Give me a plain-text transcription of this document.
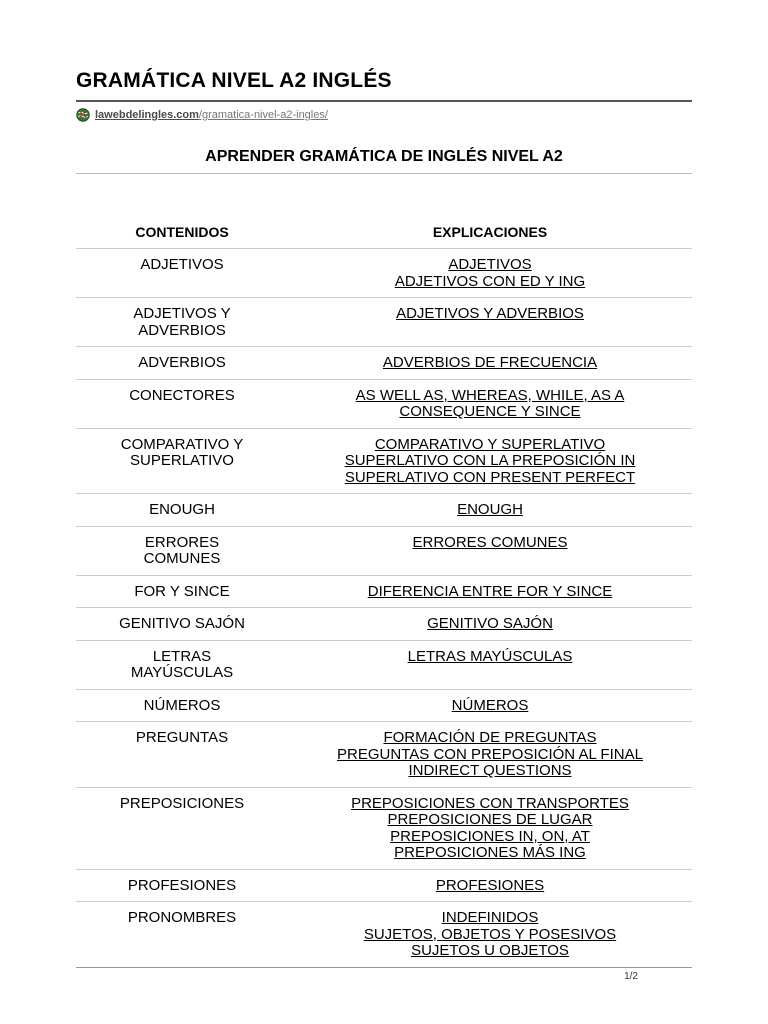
GRAMÁTICA NIVEL A2 INGLÉS
lawebdelingles.com /gramatica-nivel-a2-ingles/
APRENDER GRAMÁTICA DE INGLÉS NIVEL A2
CONTENIDOS	EXPLICACIONES

ADJETIVOS	ADJETIVOS
ADJETIVOS CON ED Y ING

ADJETIVOS Y ADVERBIOS	ADJETIVOS Y ADVERBIOS

ADVERBIOS	ADVERBIOS DE FRECUENCIA

CONECTORES	AS WELL AS, WHEREAS, WHILE, AS A CONSEQUENCE Y SINCE

COMPARATIVO Y SUPERLATIVO	COMPARATIVO Y SUPERLATIVO
SUPERLATIVO CON LA PREPOSICIÓN IN
SUPERLATIVO CON PRESENT PERFECT

ENOUGH	ENOUGH

ERRORES COMUNES	ERRORES COMUNES

FOR Y SINCE	DIFERENCIA ENTRE FOR Y SINCE

GENITIVO SAJÓN	GENITIVO SAJÓN

LETRAS MAYÚSCULAS	LETRAS MAYÚSCULAS

NÚMEROS	NÚMEROS

PREGUNTAS	FORMACIÓN DE PREGUNTAS
PREGUNTAS CON PREPOSICIÓN AL FINAL
INDIRECT QUESTIONS

PREPOSICIONES	PREPOSICIONES CON TRANSPORTES
PREPOSICIONES DE LUGAR
PREPOSICIONES IN, ON, AT
PREPOSICIONES MÁS ING

PROFESIONES	PROFESIONES

PRONOMBRES	INDEFINIDOS
SUJETOS, OBJETOS Y POSESIVOS
SUJETOS U OBJETOS
1/2
